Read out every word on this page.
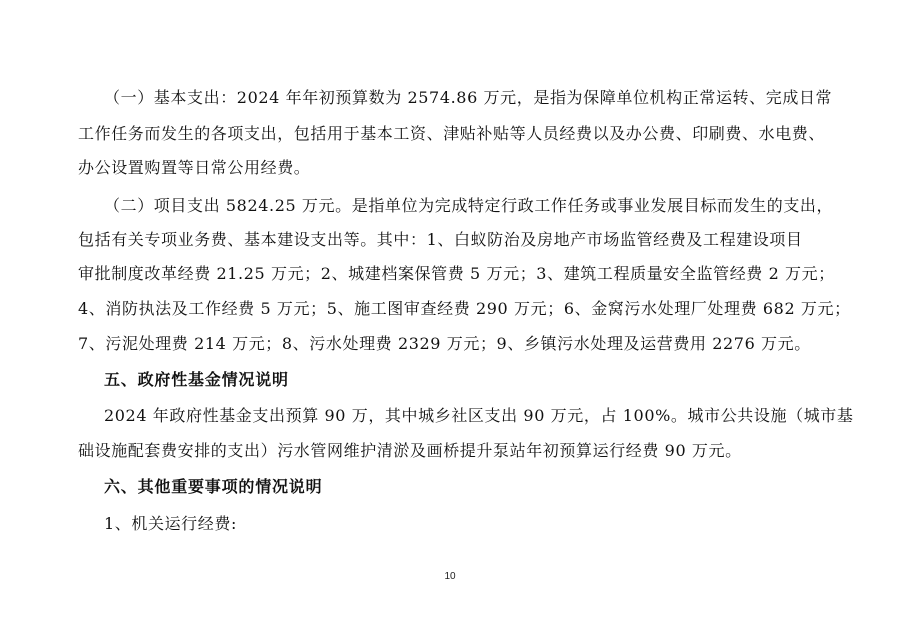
（一）基本支出：2024 年年初预算数为 2574.86 万元，是指为保障单位机构正常运转、完成日常
工作任务而发生的各项支出，包括用于基本工资、津贴补贴等人员经费以及办公费、印刷费、水电费、
办公设置购置等日常公用经费。
（二）项目支出 5824.25 万元。是指单位为完成特定行政工作任务或事业发展目标而发生的支出，
包括有关专项业务费、基本建设支出等。其中：1、白蚁防治及房地产市场监管经费及工程建设项目
审批制度改革经费 21.25 万元；2、城建档案保管费 5 万元；3、建筑工程质量安全监管经费 2 万元；
4、消防执法及工作经费 5 万元；5、施工图审查经费 290 万元；6、金窝污水处理厂处理费 682 万元；
7、污泥处理费 214 万元；8、污水处理费 2329 万元；9、乡镇污水处理及运营费用 2276 万元。
五、政府性基金情况说明
2024 年政府性基金支出预算 90 万，其中城乡社区支出 90 万元，占 100%。城市公共设施（城市基
础设施配套费安排的支出）污水管网维护清淤及画桥提升泵站年初预算运行经费 90 万元。
六、其他重要事项的情况说明
1、机关运行经费:
10
